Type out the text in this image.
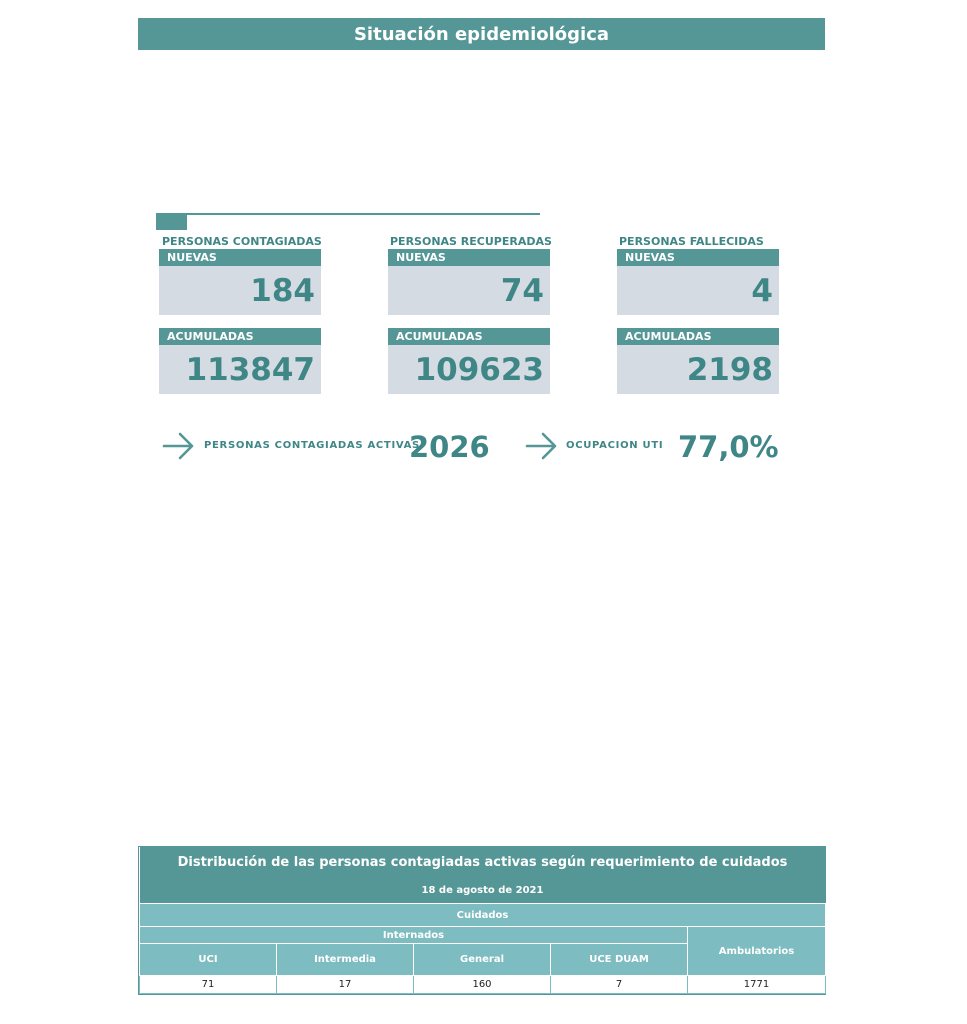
Situación epidemiológica
PERSONAS CONTAGIADAS
NUEVAS
184
ACUMULADAS
113847
PERSONAS RECUPERADAS
NUEVAS
74
ACUMULADAS
109623
PERSONAS FALLECIDAS
NUEVAS
4
ACUMULADAS
2198
PERSONAS CONTAGIADAS ACTIVAS
2026	OCUPACION UTI 77,0%
Distribución de las personas contagiadas activas según requerimiento de cuidados				
18 de agosto de 2021				
Cuidados				
Internados				Ambulatorios
UCI	Intermedia	General	UCE DUAM	
71	17	160	7	1771
